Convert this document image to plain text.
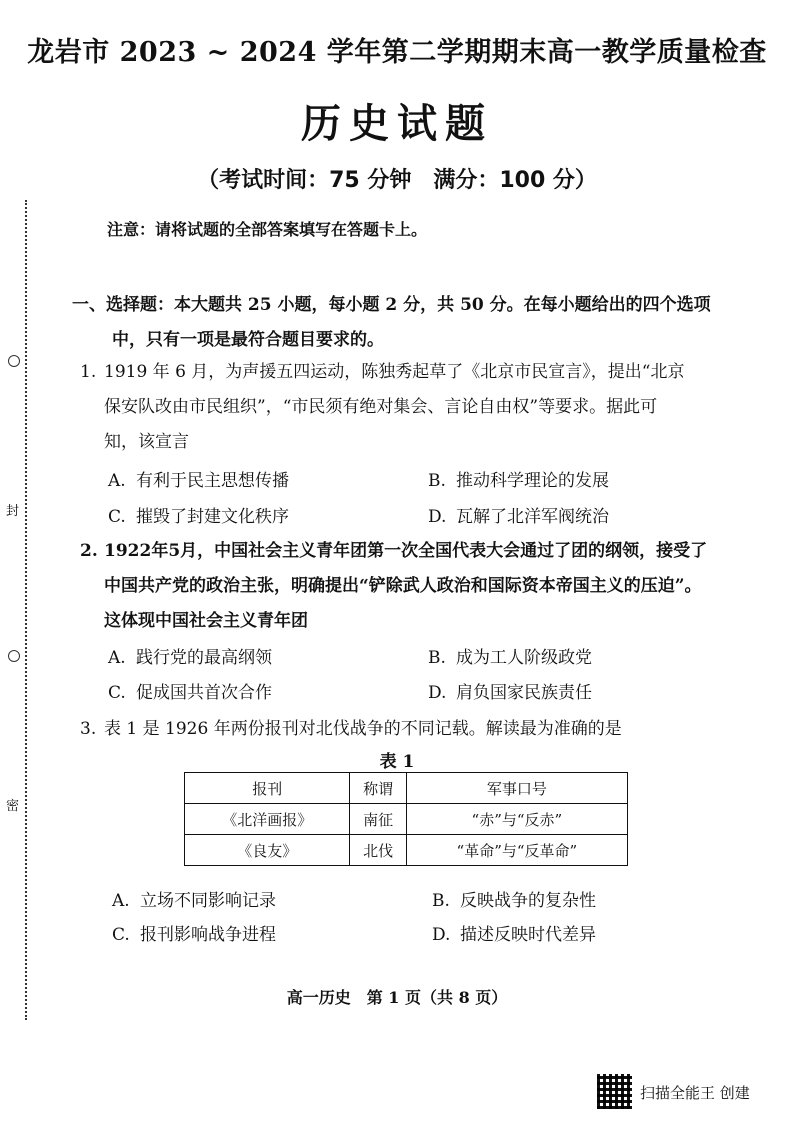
封
密
龙岩市 2023 ~ 2024 学年第二学期期末高一教学质量检查
历史试题
（考试时间：75 分钟　满分：100 分）
注意：请将试题的全部答案填写在答题卡上。
一、选择题：本大题共 25 小题，每小题 2 分，共 50 分。在每小题给出的四个选项
中，只有一项是最符合题目要求的。
1. 1919 年 6 月，为声援五四运动，陈独秀起草了《北京市民宣言》，提出“北京
保安队改由市民组织”，“市民须有绝对集会、言论自由权”等要求。据此可
知，该宣言
A. 有利于民主思想传播	B. 推动科学理论的发展
C. 摧毁了封建文化秩序	D. 瓦解了北洋军阀统治
2. 1922年5月，中国社会主义青年团第一次全国代表大会通过了团的纲领，接受了
中国共产党的政治主张，明确提出“铲除武人政治和国际资本帝国主义的压迫”。
这体现中国社会主义青年团
A. 践行党的最高纲领	B. 成为工人阶级政党
C. 促成国共首次合作	D. 肩负国家民族责任
3. 表 1 是 1926 年两份报刊对北伐战争的不同记载。解读最为准确的是
表 1
报刊	称谓	军事口号
《北洋画报》	南征	“赤”与“反赤”
《良友》	北伐	“革命”与“反革命”
A. 立场不同影响记录	B. 反映战争的复杂性
C. 报刊影响战争进程	D. 描述反映时代差异
高一历史　第 1 页（共 8 页）
扫描全能王 创建
